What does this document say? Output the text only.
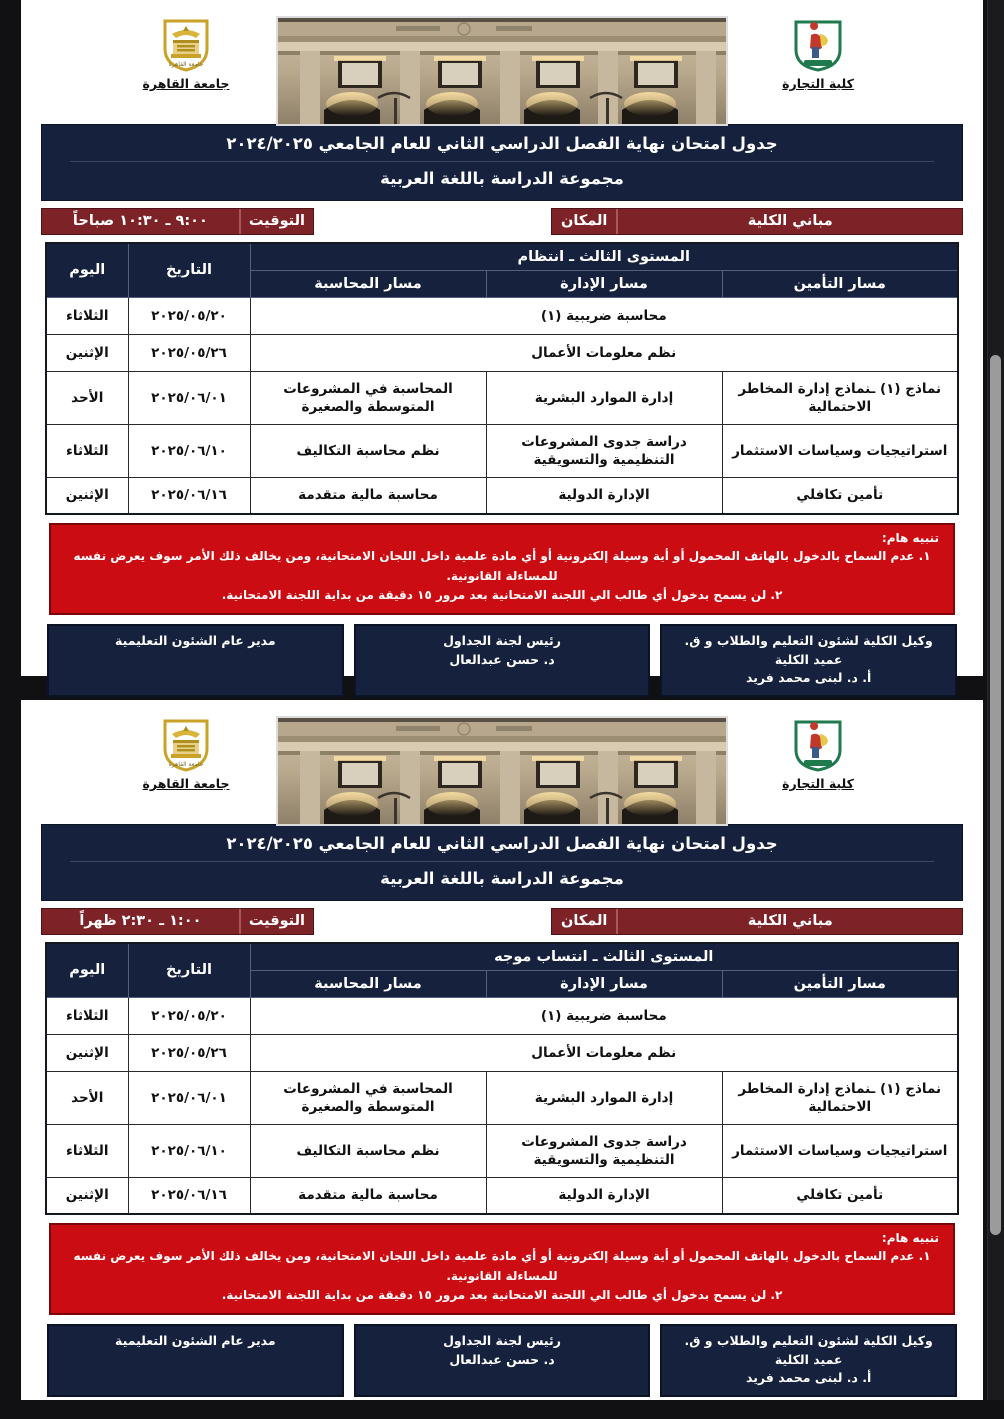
كلية التجارة
جامعة القاهرة
جامعة القاهرة
جدول امتحان نهاية الفصل الدراسي الثاني للعام الجامعي ٢٠٢٤/٢٠٢٥
مجموعة الدراسة باللغة العربية
مباني الكلية
المكان
التوقيت
٩:٠٠ ـ ١٠:٣٠ صباحاً
المستوى الثالث ـ انتظام			التاريخ	اليوم
مسار التأمين	مسار الإدارة	مسار المحاسبة		
محاسبة ضريبية (١)			٢٠٢٥/٠٥/٢٠	الثلاثاء
نظم معلومات الأعمال			٢٠٢٥/٠٥/٢٦	الإثنين
نماذج (١) ـنماذج إدارة المخاطر الاحتمالية	إدارة الموارد البشرية	المحاسبة في المشروعات المتوسطة والصغيرة	٢٠٢٥/٠٦/٠١	الأحد
استراتيجيات وسياسات الاستثمار	دراسة جدوى المشروعات التنظيمية والتسويقية	نظم محاسبة التكاليف	٢٠٢٥/٠٦/١٠	الثلاثاء
تأمين تكافلي	الإدارة الدولية	محاسبة مالية متقدمة	٢٠٢٥/٠٦/١٦	الإثنين
تنبيه هام:
١. عدم السماح بالدخول بالهاتف المحمول أو أية وسيلة إلكترونية أو أي مادة علمية داخل اللجان الامتحانية، ومن يخالف ذلك الأمر سوف يعرض نفسه للمساءلة القانونية.
٢. لن يسمح بدخول أي طالب الي اللجنة الامتحانية بعد مرور ١٥ دقيقة من بداية اللجنة الامتحانية.
وكيل الكلية لشئون التعليم والطلاب و ق. عميد الكلية
أ. د. لبنى محمد فريد
رئيس لجنة الجداول
د. حسن عبدالعال
مدير عام الشئون التعليمية
كلية التجارة
جامعة القاهرة
جامعة القاهرة
جدول امتحان نهاية الفصل الدراسي الثاني للعام الجامعي ٢٠٢٤/٢٠٢٥
مجموعة الدراسة باللغة العربية
مباني الكلية
المكان
التوقيت
١:٠٠ ـ ٢:٣٠ ظهراً
المستوى الثالث ـ انتساب موجه			التاريخ	اليوم
مسار التأمين	مسار الإدارة	مسار المحاسبة		
محاسبة ضريبية (١)			٢٠٢٥/٠٥/٢٠	الثلاثاء
نظم معلومات الأعمال			٢٠٢٥/٠٥/٢٦	الإثنين
نماذج (١) ـنماذج إدارة المخاطر الاحتمالية	إدارة الموارد البشرية	المحاسبة في المشروعات المتوسطة والصغيرة	٢٠٢٥/٠٦/٠١	الأحد
استراتيجيات وسياسات الاستثمار	دراسة جدوى المشروعات التنظيمية والتسويقية	نظم محاسبة التكاليف	٢٠٢٥/٠٦/١٠	الثلاثاء
تأمين تكافلي	الإدارة الدولية	محاسبة مالية متقدمة	٢٠٢٥/٠٦/١٦	الإثنين
تنبيه هام:
١. عدم السماح بالدخول بالهاتف المحمول أو أية وسيلة إلكترونية أو أي مادة علمية داخل اللجان الامتحانية، ومن يخالف ذلك الأمر سوف يعرض نفسه للمساءلة القانونية.
٢. لن يسمح بدخول أي طالب الي اللجنة الامتحانية بعد مرور ١٥ دقيقة من بداية اللجنة الامتحانية.
وكيل الكلية لشئون التعليم والطلاب و ق. عميد الكلية
أ. د. لبنى محمد فريد
رئيس لجنة الجداول
د. حسن عبدالعال
مدير عام الشئون التعليمية
٦
